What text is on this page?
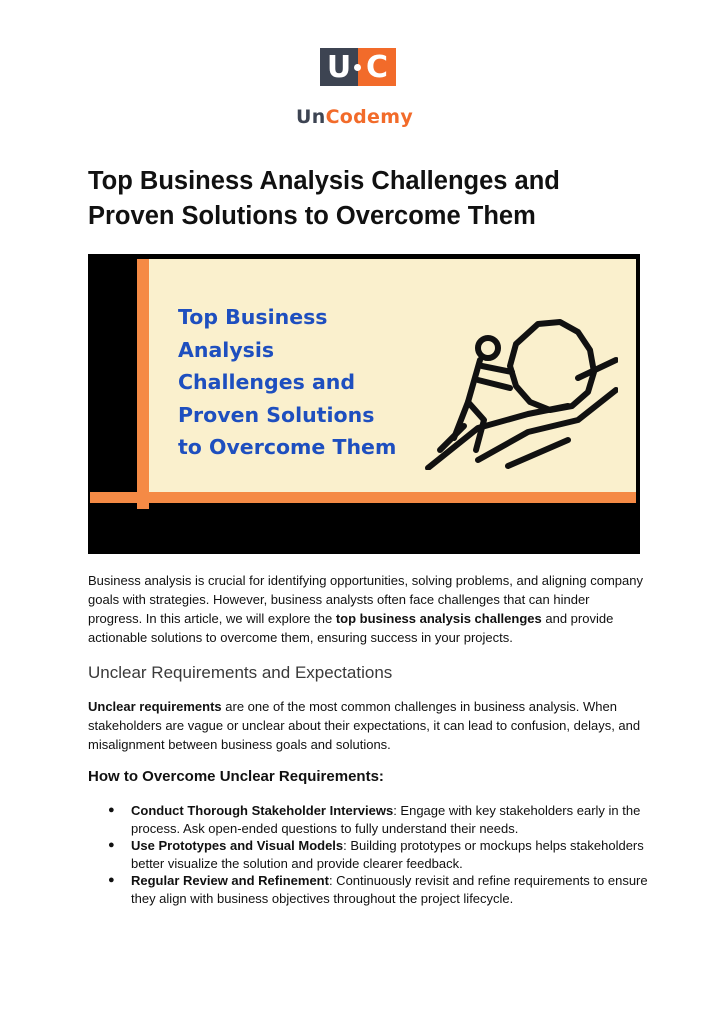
U C
UnCodemy
Top Business Analysis Challenges and Proven Solutions to Overcome Them

Top Business
Analysis
Challenges and
Proven Solutions
to Overcome Them

Business analysis is crucial for identifying opportunities, solving problems, and aligning company goals with strategies. However, business analysts often face challenges that can hinder progress. In this article, we will explore the top business analysis challenges and provide actionable solutions to overcome them, ensuring success in your projects.

Unclear Requirements and Expectations

Unclear requirements are one of the most common challenges in business analysis. When stakeholders are vague or unclear about their expectations, it can lead to confusion, delays, and misalignment between business goals and solutions.

How to Overcome Unclear Requirements:
● Conduct Thorough Stakeholder Interviews: Engage with key stakeholders early in the process. Ask open-ended questions to fully understand their needs.
● Use Prototypes and Visual Models: Building prototypes or mockups helps stakeholders better visualize the solution and provide clearer feedback.
● Regular Review and Refinement: Continuously revisit and refine requirements to ensure they align with business objectives throughout the project lifecycle.
